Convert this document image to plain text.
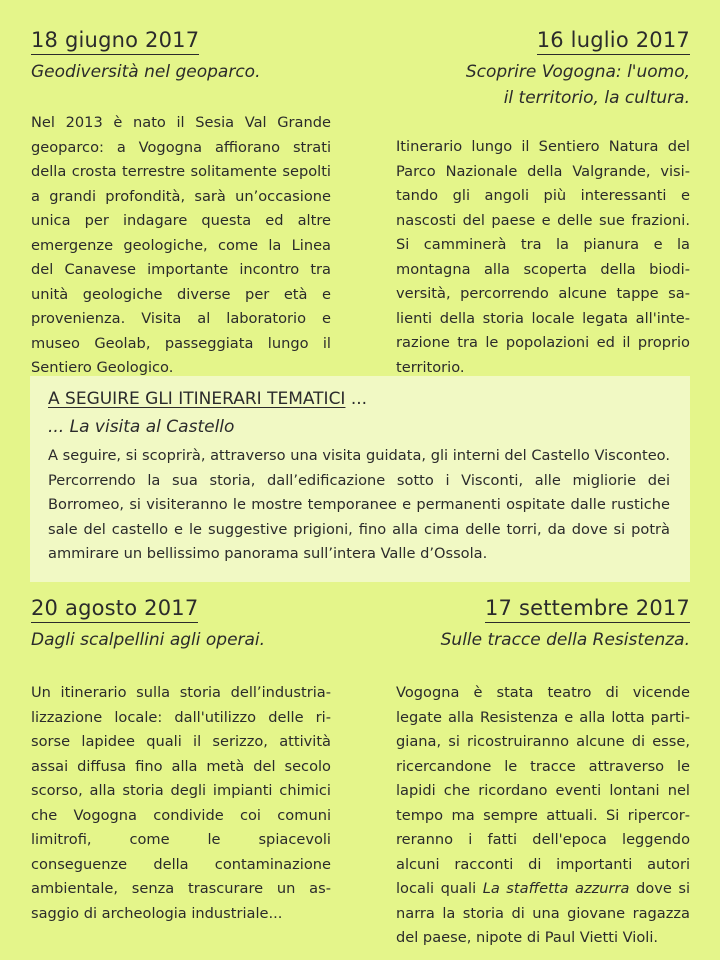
18 giugno 2017
Geodiversità nel geoparco.
Nel 2013 è nato il Sesia Val Grande geoparco: a Vogogna affiorano strati della crosta terrestre solitamente sepolti a grandi profondità, sarà un’occasione unica per indagare questa ed altre emergenze geologiche, come la Linea del Canavese importante incontro tra unità geologiche diverse per età e provenienza. Visita al laboratorio e museo Geolab, passeggiata lungo il Sentiero Geologico.
16 luglio 2017
Scoprire Vogogna: l'uomo,
il territorio, la cultura.
Itinerario lungo il Sentiero Natura del Parco Nazionale della Valgrande, visitando gli angoli più interessanti e nascosti del paese e delle sue frazioni. Si camminerà tra la pianura e la montagna alla scoperta della biodiversità, percorrendo alcune tappe salienti della storia locale legata all'interazione tra le popolazioni ed il proprio territorio.
A SEGUIRE GLI ITINERARI TEMATICI ...
... La visita al Castello
A seguire, si scoprirà, attraverso una visita guidata, gli interni del Castello Visconteo. Percorrendo la sua storia, dall’edificazione sotto i Visconti, alle migliorie dei Borromeo, si visiteranno le mostre temporanee e permanenti ospitate dalle rustiche sale del castello e le suggestive prigioni, fino alla cima delle torri, da dove si potrà ammirare un bellissimo panorama sull’intera Valle d’Ossola.
20 agosto 2017
Dagli scalpellini agli operai.
Un itinerario sulla storia dell’industrializzazione locale: dall'utilizzo delle risorse lapidee quali il serizzo, attività assai diffusa fino alla metà del secolo scorso, alla storia degli impianti chimici che Vogogna condivide coi comuni limitrofi, come le spiacevoli conseguenze della contaminazione ambientale, senza trascurare un assaggio di archeologia industriale...
17 settembre 2017
Sulle tracce della Resistenza.
Vogogna è stata teatro di vicende legate alla Resistenza e alla lotta partigiana, si ricostruiranno alcune di esse, ricercandone le tracce attraverso le lapidi che ricordano eventi lontani nel tempo ma sempre attuali. Si ripercorreranno i fatti dell'epoca leggendo alcuni racconti di importanti autori locali quali La staffetta azzurra dove si narra la storia di una giovane ragazza del paese, nipote di Paul Vietti Violi.
